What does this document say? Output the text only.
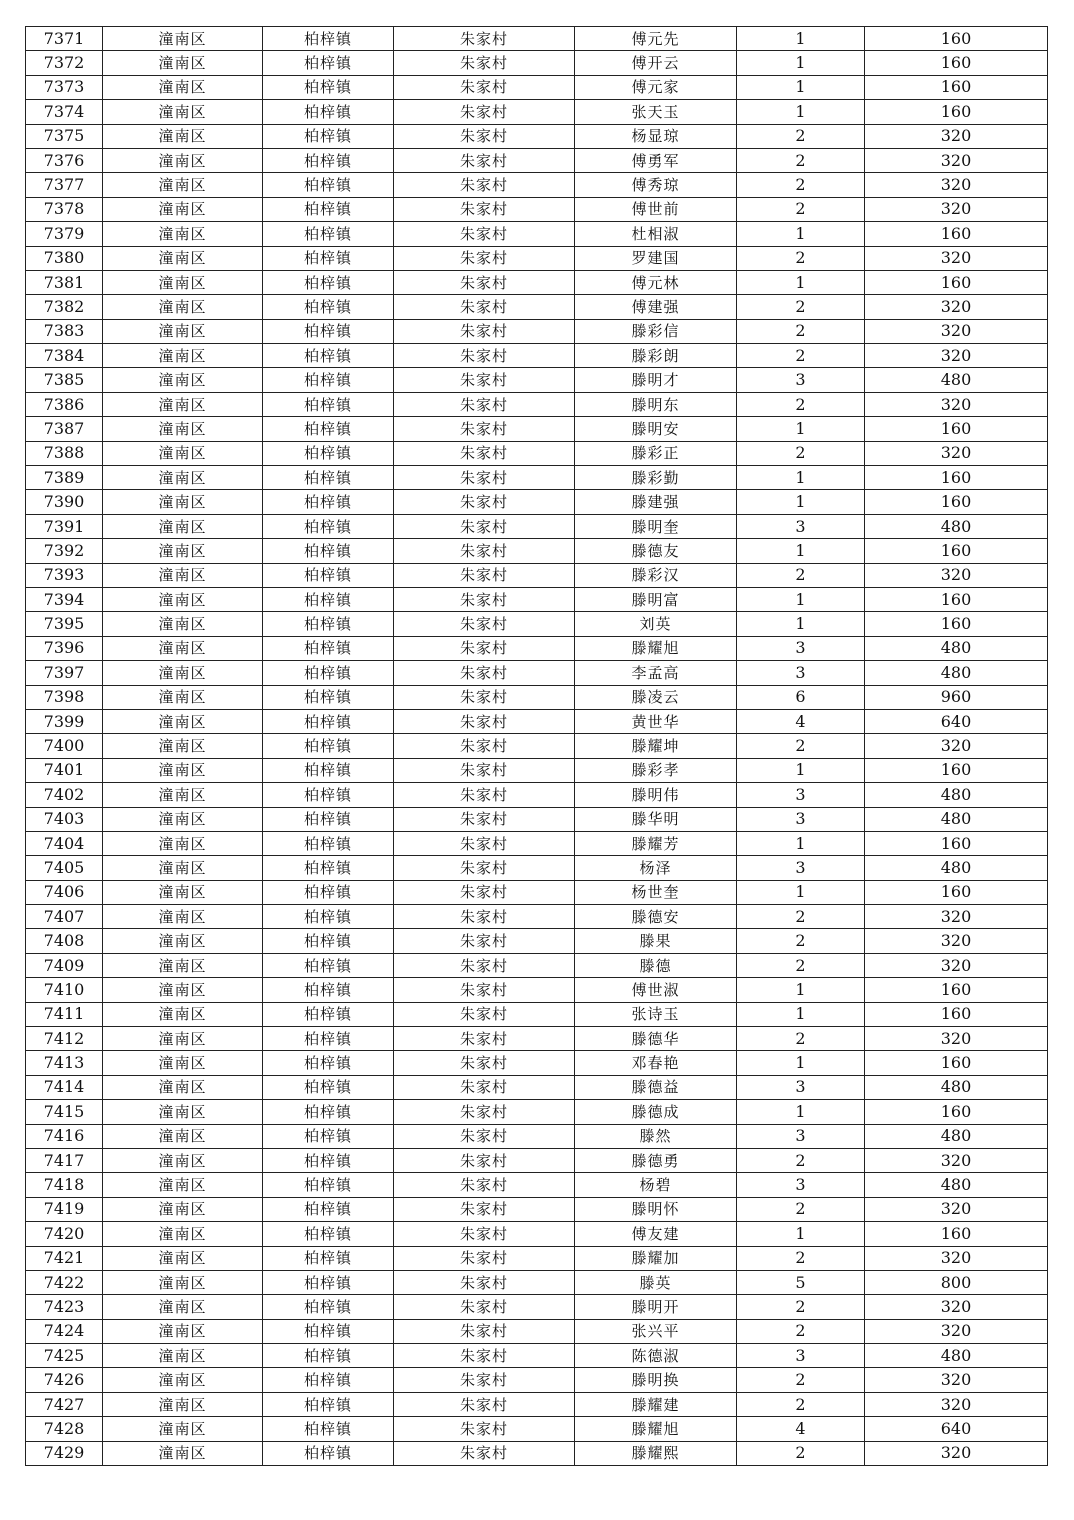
7371	潼南区	柏梓镇	朱家村	傅元先	1	160
7372	潼南区	柏梓镇	朱家村	傅开云	1	160
7373	潼南区	柏梓镇	朱家村	傅元家	1	160
7374	潼南区	柏梓镇	朱家村	张天玉	1	160
7375	潼南区	柏梓镇	朱家村	杨显琼	2	320
7376	潼南区	柏梓镇	朱家村	傅勇军	2	320
7377	潼南区	柏梓镇	朱家村	傅秀琼	2	320
7378	潼南区	柏梓镇	朱家村	傅世前	2	320
7379	潼南区	柏梓镇	朱家村	杜相淑	1	160
7380	潼南区	柏梓镇	朱家村	罗建国	2	320
7381	潼南区	柏梓镇	朱家村	傅元林	1	160
7382	潼南区	柏梓镇	朱家村	傅建强	2	320
7383	潼南区	柏梓镇	朱家村	滕彩信	2	320
7384	潼南区	柏梓镇	朱家村	滕彩朗	2	320
7385	潼南区	柏梓镇	朱家村	滕明才	3	480
7386	潼南区	柏梓镇	朱家村	滕明东	2	320
7387	潼南区	柏梓镇	朱家村	滕明安	1	160
7388	潼南区	柏梓镇	朱家村	滕彩正	2	320
7389	潼南区	柏梓镇	朱家村	滕彩勤	1	160
7390	潼南区	柏梓镇	朱家村	滕建强	1	160
7391	潼南区	柏梓镇	朱家村	滕明奎	3	480
7392	潼南区	柏梓镇	朱家村	滕德友	1	160
7393	潼南区	柏梓镇	朱家村	滕彩汉	2	320
7394	潼南区	柏梓镇	朱家村	滕明富	1	160
7395	潼南区	柏梓镇	朱家村	刘英	1	160
7396	潼南区	柏梓镇	朱家村	滕耀旭	3	480
7397	潼南区	柏梓镇	朱家村	李孟高	3	480
7398	潼南区	柏梓镇	朱家村	滕凌云	6	960
7399	潼南区	柏梓镇	朱家村	黄世华	4	640
7400	潼南区	柏梓镇	朱家村	滕耀坤	2	320
7401	潼南区	柏梓镇	朱家村	滕彩孝	1	160
7402	潼南区	柏梓镇	朱家村	滕明伟	3	480
7403	潼南区	柏梓镇	朱家村	滕华明	3	480
7404	潼南区	柏梓镇	朱家村	滕耀芳	1	160
7405	潼南区	柏梓镇	朱家村	杨泽	3	480
7406	潼南区	柏梓镇	朱家村	杨世奎	1	160
7407	潼南区	柏梓镇	朱家村	滕德安	2	320
7408	潼南区	柏梓镇	朱家村	滕果	2	320
7409	潼南区	柏梓镇	朱家村	滕德	2	320
7410	潼南区	柏梓镇	朱家村	傅世淑	1	160
7411	潼南区	柏梓镇	朱家村	张诗玉	1	160
7412	潼南区	柏梓镇	朱家村	滕德华	2	320
7413	潼南区	柏梓镇	朱家村	邓春艳	1	160
7414	潼南区	柏梓镇	朱家村	滕德益	3	480
7415	潼南区	柏梓镇	朱家村	滕德成	1	160
7416	潼南区	柏梓镇	朱家村	滕然	3	480
7417	潼南区	柏梓镇	朱家村	滕德勇	2	320
7418	潼南区	柏梓镇	朱家村	杨碧	3	480
7419	潼南区	柏梓镇	朱家村	滕明怀	2	320
7420	潼南区	柏梓镇	朱家村	傅友建	1	160
7421	潼南区	柏梓镇	朱家村	滕耀加	2	320
7422	潼南区	柏梓镇	朱家村	滕英	5	800
7423	潼南区	柏梓镇	朱家村	滕明开	2	320
7424	潼南区	柏梓镇	朱家村	张兴平	2	320
7425	潼南区	柏梓镇	朱家村	陈德淑	3	480
7426	潼南区	柏梓镇	朱家村	滕明换	2	320
7427	潼南区	柏梓镇	朱家村	滕耀建	2	320
7428	潼南区	柏梓镇	朱家村	滕耀旭	4	640
7429	潼南区	柏梓镇	朱家村	滕耀熙	2	320
